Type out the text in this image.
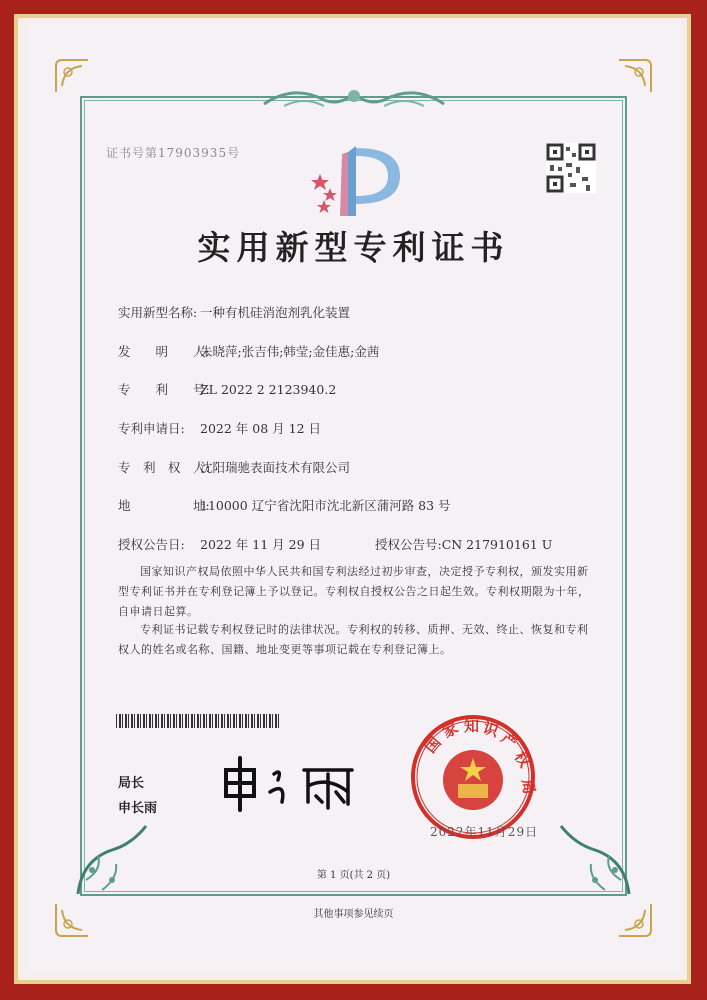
证书号第17903935号
实用新型专利证书
实用新型名称: 一种有机硅消泡剂乳化装置
发　　明　　人:朱晓萍;张吉伟;韩莹;金佳惠;金茜
专　　利　　号:ZL 2022 2 2123940.2
专利申请日: 2022 年 08 月 12 日
专　利　权　人:沈阳瑞驰表面技术有限公司
地　　　　　址:110000 辽宁省沈阳市沈北新区蒲河路 83 号
授权公告日: 2022 年 11 月 29 日	授权公告号:CN 217910161 U
国家知识产权局依照中华人民共和国专利法经过初步审查，决定授予专利权，颁发实用新型专利证书并在专利登记簿上予以登记。专利权自授权公告之日起生效。专利权期限为十年，自申请日起算。
专利证书记载专利权登记时的法律状况。专利权的转移、质押、无效、终止、恢复和专利权人的姓名或名称、国籍、地址变更等事项记载在专利登记簿上。
局长
申长雨
国
家 知 识
产
权
局
2022年11月29日
第 1 页(共 2 页)
其他事项参见续页
